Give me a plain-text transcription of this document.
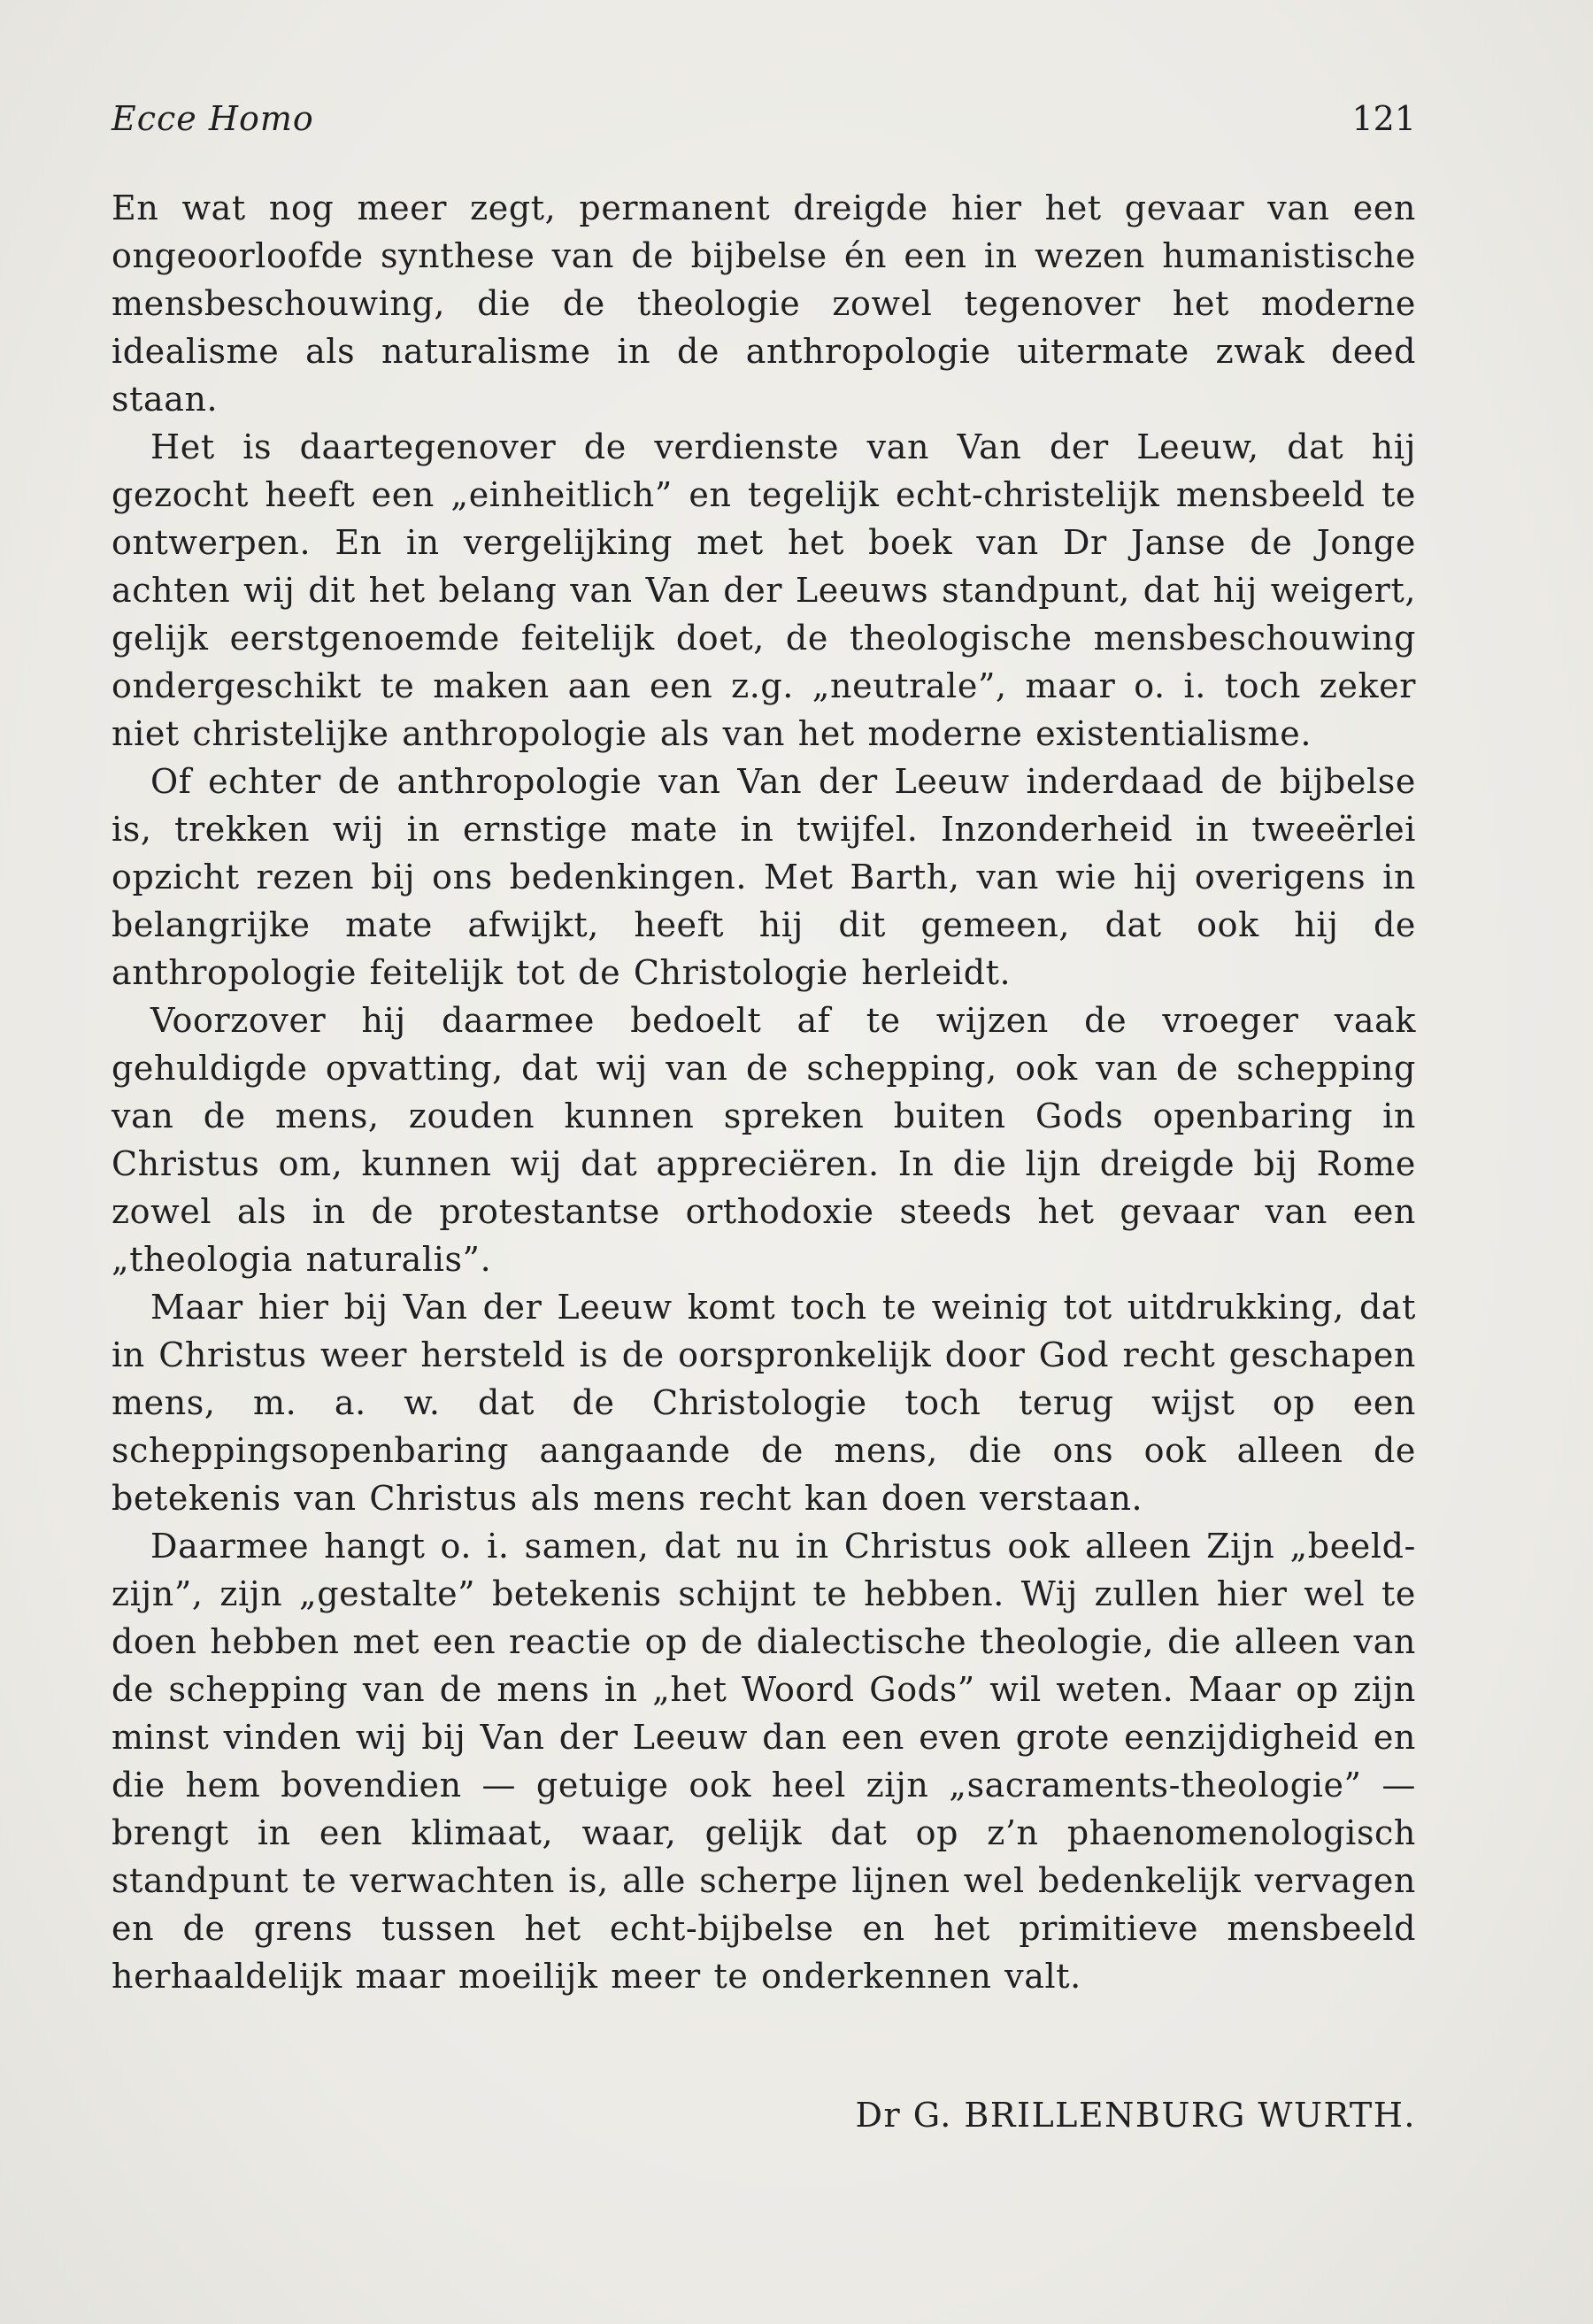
Ecce Homo	121

En wat nog meer zegt, permanent dreigde hier het gevaar van een ongeoorloofde synthese van de bijbelse én een in wezen humanistische mensbeschouwing, die de theologie zowel tegenover het moderne idealisme als naturalisme in de anthropologie uitermate zwak deed staan.

Het is daartegenover de verdienste van Van der Leeuw, dat hij gezocht heeft een „einheitlich” en tegelijk echt-christelijk mensbeeld te ontwerpen. En in vergelijking met het boek van Dr Janse de Jonge achten wij dit het belang van Van der Leeuws standpunt, dat hij weigert, gelijk eerstgenoemde feitelijk doet, de theologische mensbeschouwing ondergeschikt te maken aan een z.g. „neutrale”, maar o. i. toch zeker niet christelijke anthropologie als van het moderne existentialisme.

Of echter de anthropologie van Van der Leeuw inderdaad de bijbelse is, trekken wij in ernstige mate in twijfel. Inzonderheid in tweeërlei opzicht rezen bij ons bedenkingen. Met Barth, van wie hij overigens in belangrijke mate afwijkt, heeft hij dit gemeen, dat ook hij de anthropologie feitelijk tot de Christologie herleidt.

Voorzover hij daarmee bedoelt af te wijzen de vroeger vaak gehuldigde opvatting, dat wij van de schepping, ook van de schepping van de mens, zouden kunnen spreken buiten Gods openbaring in Christus om, kunnen wij dat appreciëren. In die lijn dreigde bij Rome zowel als in de protestantse orthodoxie steeds het gevaar van een „theologia naturalis”.

Maar hier bij Van der Leeuw komt toch te weinig tot uitdrukking, dat in Christus weer hersteld is de oorspronkelijk door God recht geschapen mens, m. a. w. dat de Christologie toch terug wijst op een scheppingsopenbaring aangaande de mens, die ons ook alleen de betekenis van Christus als mens recht kan doen verstaan.

Daarmee hangt o. i. samen, dat nu in Christus ook alleen Zijn „beeld-zijn”, zijn „gestalte” betekenis schijnt te hebben. Wij zullen hier wel te doen hebben met een reactie op de dialectische theologie, die alleen van de schepping van de mens in „het Woord Gods” wil weten. Maar op zijn minst vinden wij bij Van der Leeuw dan een even grote eenzijdigheid en die hem bovendien — getuige ook heel zijn „sacraments-theologie” — brengt in een klimaat, waar, gelijk dat op z’n phaenomenologisch standpunt te verwachten is, alle scherpe lijnen wel bedenkelijk vervagen en de grens tussen het echt-bijbelse en het primitieve mensbeeld herhaaldelijk maar moeilijk meer te onderkennen valt.

Dr G. BRILLENBURG WURTH.
